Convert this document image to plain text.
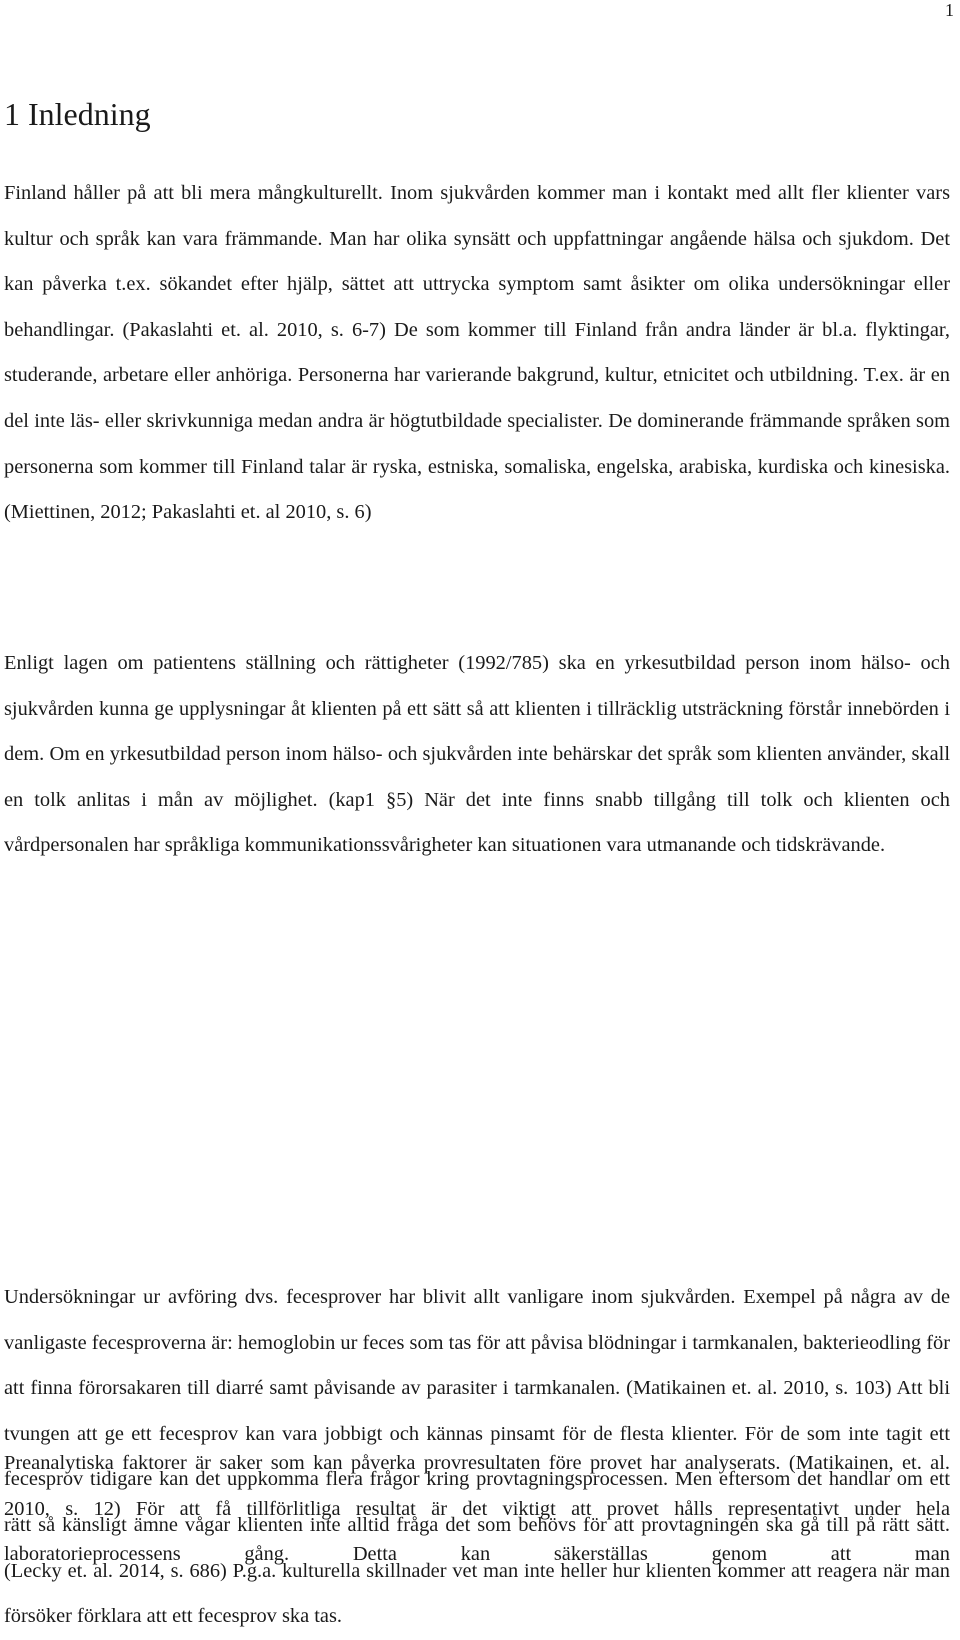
1
1 Inledning

Finland håller på att bli mera mångkulturellt. Inom sjukvården kommer man i kontakt med allt fler klienter vars kultur och språk kan vara främmande. Man har olika synsätt och uppfattningar angående hälsa och sjukdom. Det kan påverka t.ex. sökandet efter hjälp, sättet att uttrycka symptom samt åsikter om olika undersökningar eller behandlingar. (Pakaslahti et. al. 2010, s. 6-7) De som kommer till Finland från andra länder är bl.a. flyktingar, studerande, arbetare eller anhöriga. Personerna har varierande bakgrund, kultur, etnicitet och utbildning. T.ex. är en del inte läs- eller skrivkunniga medan andra är högtutbildade specialister. De dominerande främmande språken som personerna som kommer till Finland talar är ryska, estniska, somaliska, engelska, arabiska, kurdiska och kinesiska. (Miettinen, 2012; Pakaslahti et. al 2010, s. 6)

Enligt lagen om patientens ställning och rättigheter (1992/785) ska en yrkesutbildad person inom hälso- och sjukvården kunna ge upplysningar åt klienten på ett sätt så att klienten i tillräcklig utsträckning förstår innebörden i dem. Om en yrkesutbildad person inom hälso- och sjukvården inte behärskar det språk som klienten använder, skall en tolk anlitas i mån av möjlighet. (kap1 §5) När det inte finns snabb tillgång till tolk och klienten och vårdpersonalen har språkliga kommunikationssvårigheter kan situationen vara utmanande och tidskrävande.

Undersökningar ur avföring dvs. fecesprover har blivit allt vanligare inom sjukvården. Exempel på några av de vanligaste fecesproverna är: hemoglobin ur feces som tas för att påvisa blödningar i tarmkanalen, bakterieodling för att finna förorsakaren till diarré samt påvisande av parasiter i tarmkanalen. (Matikainen et. al. 2010, s. 103) Att bli tvungen att ge ett fecesprov kan vara jobbigt och kännas pinsamt för de flesta klienter. För de som inte tagit ett fecesprov tidigare kan det uppkomma flera frågor kring provtagningsprocessen. Men eftersom det handlar om ett rätt så känsligt ämne vågar klienten inte alltid fråga det som behövs för att provtagningen ska gå till på rätt sätt. (Lecky et. al. 2014, s. 686) P.g.a. kulturella skillnader vet man inte heller hur klienten kommer att reagera när man försöker förklara att ett fecesprov ska tas.

Preanalytiska faktorer är saker som kan påverka provresultaten före provet har analyserats. (Matikainen, et. al. 2010, s. 12) För att få tillförlitliga resultat är det viktigt att provet hålls representativt under hela laboratorieprocessens gång. Detta kan säkerställas genom att man
